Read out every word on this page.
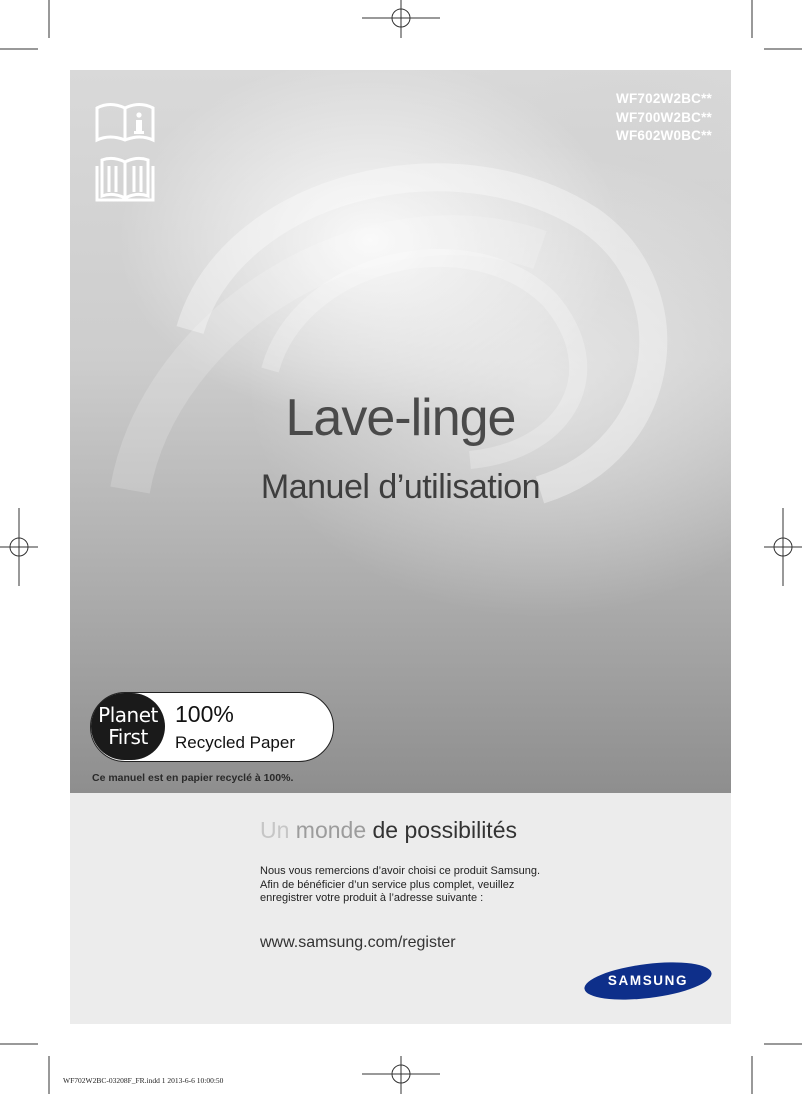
WF702W2BC**
WF700W2BC**
WF602W0BC**
Lave-linge
Manuel d’utilisation
Planet
First
100%
Recycled Paper
Ce manuel est en papier recyclé à 100%.
Un monde de possibilités
Nous vous remercions d’avoir choisi ce produit Samsung.
Afin de bénéficier d’un service plus complet, veuillez enregistrer votre produit à l’adresse suivante :
www.samsung.com/register
SAMSUNG
WF702W2BC-03208F_FR.indd 1 2013-6-6 10:00:50
